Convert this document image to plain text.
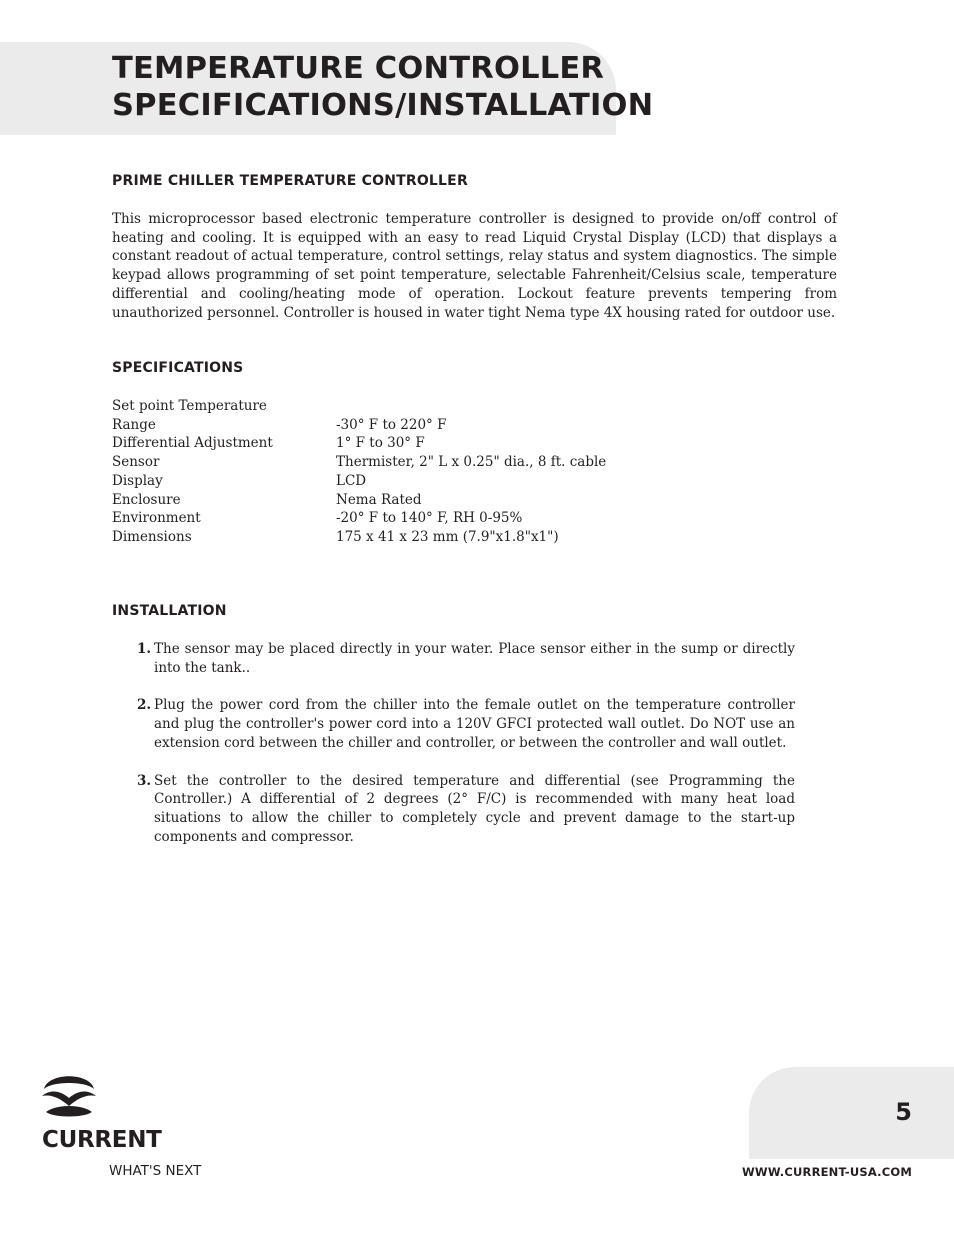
TEMPERATURE CONTROLLER
SPECIFICATIONS/INSTALLATION
PRIME CHILLER TEMPERATURE CONTROLLER

This microprocessor based electronic temperature controller is designed to provide on/off control of heating and cooling. It is equipped with an easy to read Liquid Crystal Display (LCD) that displays a constant readout of actual temperature, control settings, relay status and system diagnostics. The simple keypad allows programming of set point temperature, selectable Fahrenheit/Celsius scale, temperature differential and cooling/heating mode of operation. Lockout feature prevents tempering from unauthorized personnel. Controller is housed in water tight Nema type 4X housing rated for outdoor use.

SPECIFICATIONS
Set point Temperature	
Range	-30° F to 220° F
Differential Adjustment	1° F to 30° F
Sensor	Thermister, 2" L x 0.25" dia., 8 ft. cable
Display	LCD
Enclosure	Nema Rated
Environment	-20° F to 140° F, RH 0-95%
Dimensions	175 x 41 x 23 mm (7.9"x1.8"x1")
INSTALLATION
1. The sensor may be placed directly in your water. Place sensor either in the sump or directly into the tank..
2. Plug the power cord from the chiller into the female outlet on the temperature controller and plug the controller's power cord into a 120V GFCI protected wall outlet. Do NOT use an extension cord between the chiller and controller, or between the controller and wall outlet.
3. Set the controller to the desired temperature and differential (see Programming the Controller.) A differential of 2 degrees (2° F/C) is recommended with many heat load situations to allow the chiller to completely cycle and prevent damage to the start-up components and compressor.
CURRENT
WHAT'S NEXT
5
WWW.CURRENT-USA.COM
